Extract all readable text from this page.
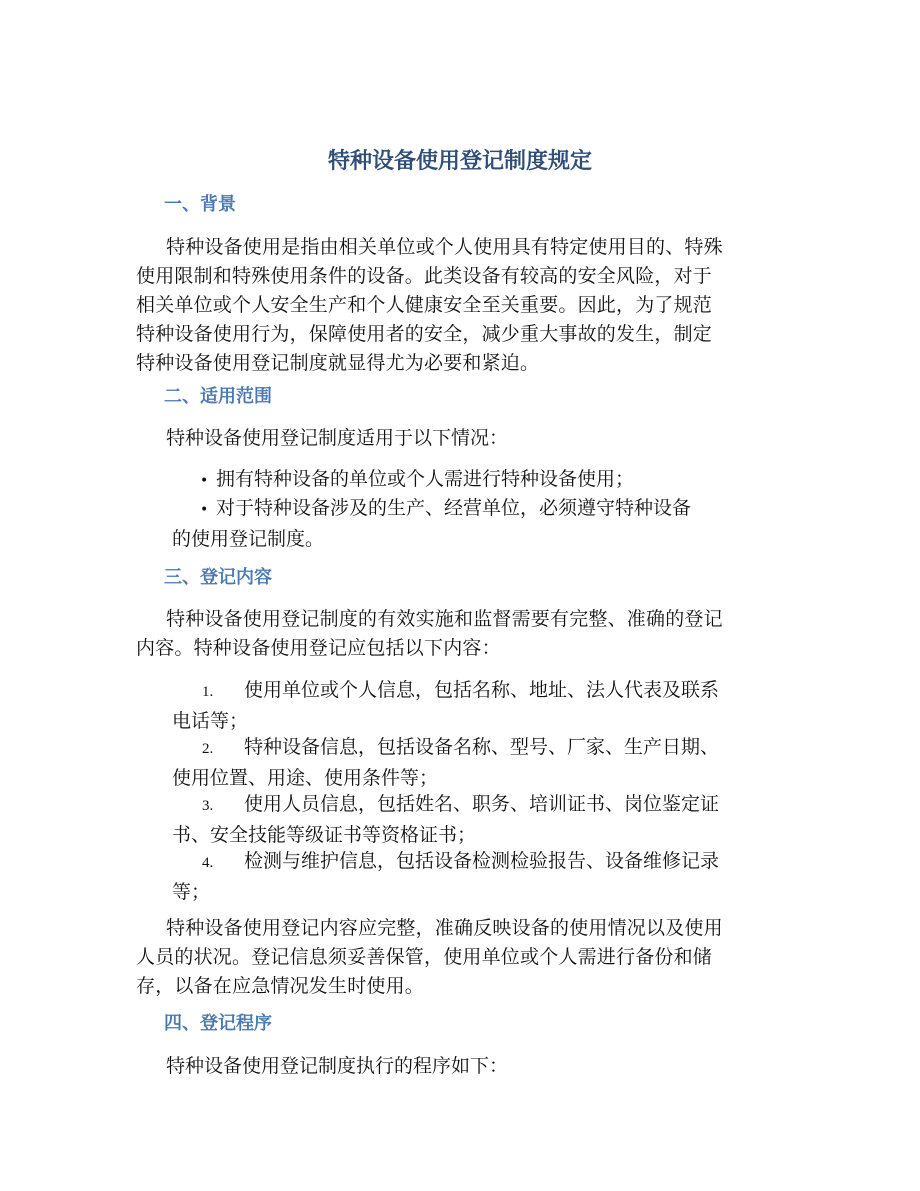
特种设备使用登记制度规定
一、背景
特种设备使用是指由相关单位或个人使用具有特定使用目的、特殊
使用限制和特殊使用条件的设备。此类设备有较高的安全风险，对于
相关单位或个人安全生产和个人健康安全至关重要。因此，为了规范
特种设备使用行为，保障使用者的安全，减少重大事故的发生，制定
特种设备使用登记制度就显得尤为必要和紧迫。
二、适用范围
特种设备使用登记制度适用于以下情况：
• 拥有特种设备的单位或个人需进行特种设备使用；
• 对于特种设备涉及的生产、经营单位，必须遵守特种设备
的使用登记制度。
三、登记内容
特种设备使用登记制度的有效实施和监督需要有完整、准确的登记
内容。特种设备使用登记应包括以下内容：
1. 使用单位或个人信息，包括名称、地址、法人代表及联系
电话等；
2. 特种设备信息，包括设备名称、型号、厂家、生产日期、
使用位置、用途、使用条件等；
3. 使用人员信息，包括姓名、职务、培训证书、岗位鉴定证
书、安全技能等级证书等资格证书；
4. 检测与维护信息，包括设备检测检验报告、设备维修记录
等；
特种设备使用登记内容应完整，准确反映设备的使用情况以及使用
人员的状况。登记信息须妥善保管，使用单位或个人需进行备份和储
存，以备在应急情况发生时使用。
四、登记程序
特种设备使用登记制度执行的程序如下：
